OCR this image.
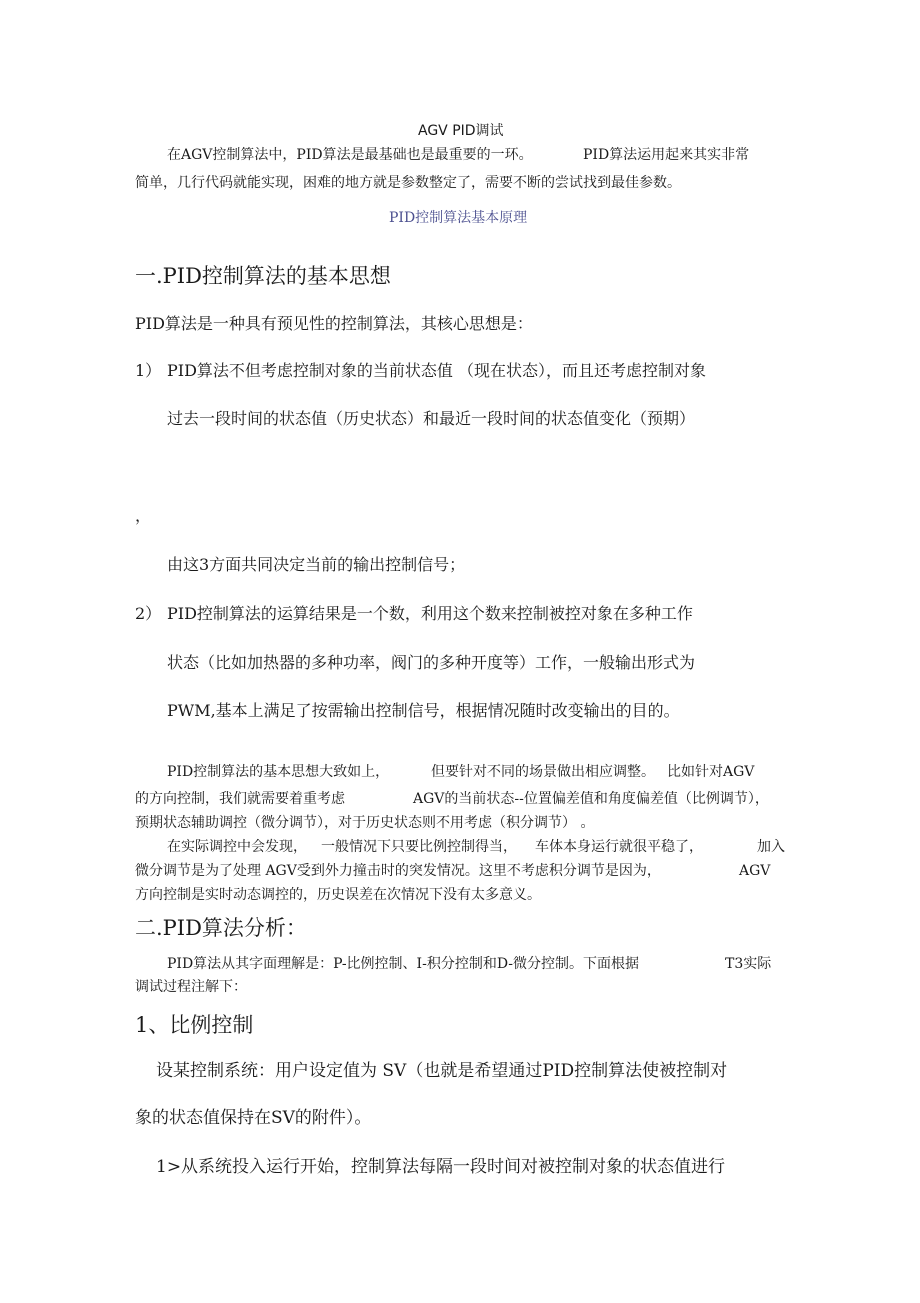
AGV PID调试
在AGV控制算法中，PID算法是最基础也是最重要的一环。	PID算法运用起来其实非常
简单，几行代码就能实现，困难的地方就是参数整定了，需要不断的尝试找到最佳参数。
PID控制算法基本原理
一.PID控制算法的基本思想
PID算法是一种具有预见性的控制算法，其核心思想是：
1） PID算法不但考虑控制对象的当前状态值 （现在状态），而且还考虑控制对象
过去一段时间的状态值（历史状态）和最近一段时间的状态值变化（预期）
，
由这3方面共同决定当前的输出控制信号；
2） PID控制算法的运算结果是一个数，利用这个数来控制被控对象在多种工作
状态（比如加热器的多种功率，阀门的多种开度等）工作，一般输出形式为
PWM,基本上满足了按需输出控制信号，根据情况随时改变输出的目的。
PID控制算法的基本思想大致如上，	但要针对不同的场景做出相应调整。 比如针对AGV
的方向控制，我们就需要着重考虑	AGV的当前状态--位置偏差值和角度偏差值（比例调节），
预期状态辅助调控（微分调节），对于历史状态则不用考虑（积分调节） 。
在实际调控中会发现， 一般情况下只要比例控制得当， 车体本身运行就很平稳了，	加入
微分调节是为了处理 AGV受到外力撞击时的突发情况。这里不考虑积分调节是因为，	AGV
方向控制是实时动态调控的，历史误差在次情况下没有太多意义。
二.PID算法分析：
PID算法从其字面理解是：P-比例控制、I-积分控制和D-微分控制。下面根据	T3实际
调试过程注解下：
1、比例控制
设某控制系统：用户设定值为 SV（也就是希望通过PID控制算法使被控制对
象的状态值保持在SV的附件）。
1>从系统投入运行开始，控制算法每隔一段时间对被控制对象的状态值进行
